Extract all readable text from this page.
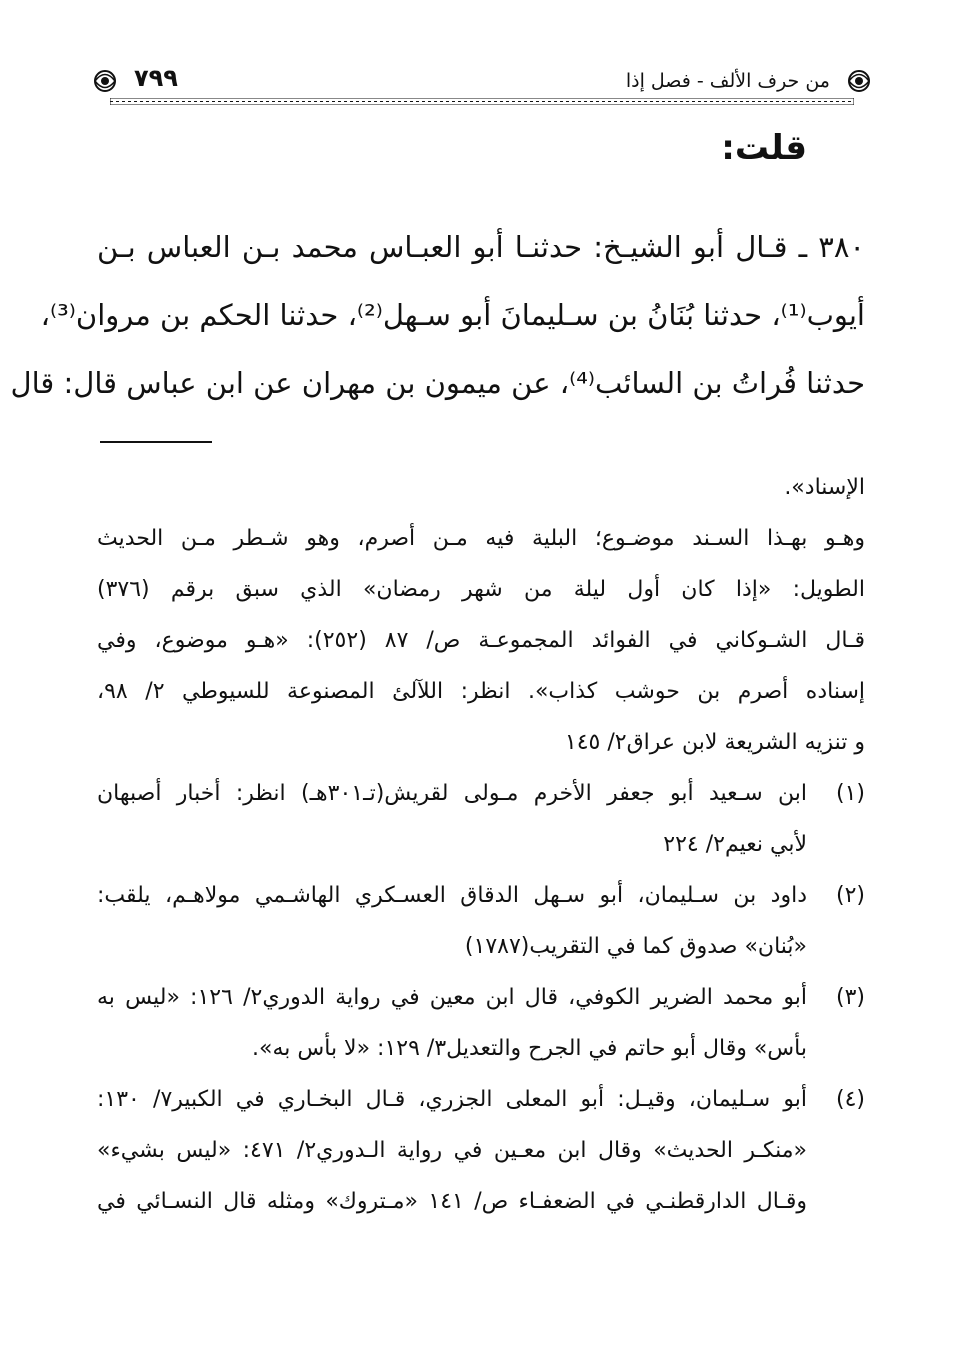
من حرف الألف - فصل إذا
٧٩٩
قلت:
٣٨٠ ـ قـال أبو الشيـخ: حدثنـا أبو العبـاس محمد بـن العباس بـن
أيوب⁽¹⁾، حدثنا بُنَانُ بن سـليمانَ أبو سـهل⁽²⁾، حدثنا الحكم بن مروان⁽³⁾،
حدثنا فُراتُ بن السائب⁽⁴⁾، عن ميمون بن مهران عن ابن عباس قال: قال
الإسناد».
وهـو بهـذا السـند موضـوع؛ البلية فيه مـن أصرم، وهو شـطر مـن الحديث
الطويل: «إذا كان أول ليلة من شهر رمضان» الذي سبق برقم (٣٧٦)
قـال الشـوكاني في الفوائد المجموعـة ص/ ٨٧ (٢٥٢): «هـو موضوع، وفي
إسناده أصرم بن حوشب كذاب». انظر: اللآلئ المصنوعة للسيوطي ٢/ ٩٨،
و تنزيه الشريعة لابن عراق٢/ ١٤٥
(١)
ابن سـعيد أبو جعفر الأخرم مـولى لقريش(تـ٣٠١هـ) انظر: أخبار أصبهان
لأبي نعيم٢/ ٢٢٤
(٢)
داود بن سـليمان، أبو سـهل الدقاق العسـكري الهاشـمي مولاهـم، يلقب:
«بُنان» صدوق كما في التقريب(١٧٨٧)
(٣)
أبو محمد الضرير الكوفي، قال ابن معين في رواية الدوري٢/ ١٢٦: «ليس به
بأس» وقال أبو حاتم في الجرح والتعديل٣/ ١٢٩: «لا بأس به».
(٤)
أبو سـليمان، وقيـل: أبو المعلى الجزري، قـال البخـاري في الكبير٧/ ١٣٠:
«منكـر الحديث» وقال ابن معـين في رواية الـدوري٢/ ٤٧١: «ليس بشيء»
وقـال الدارقطنـي في الضعفـاء ص/ ١٤١ «مـتروك» ومثله قال النسـائي في
